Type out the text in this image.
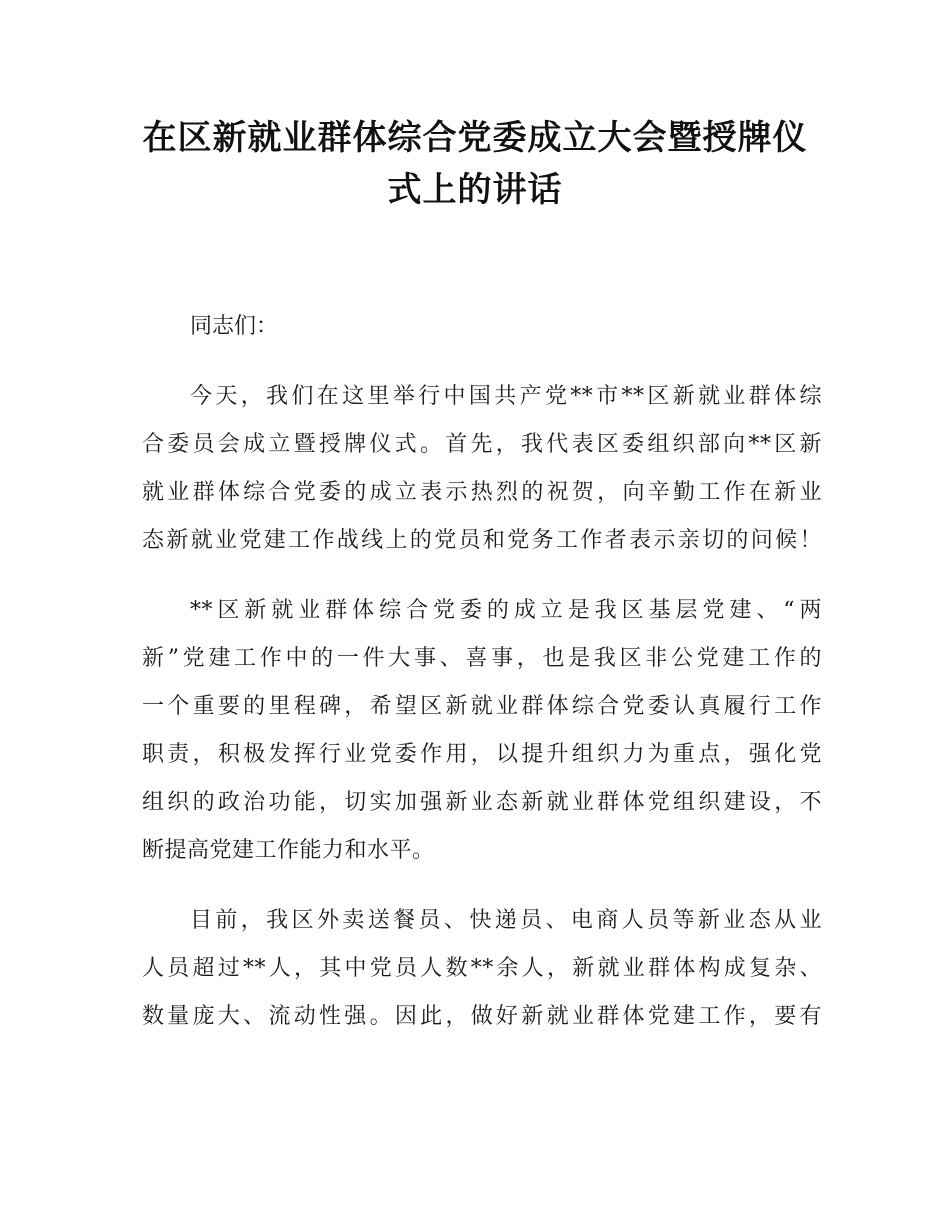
在区新就业群体综合党委成立大会暨授牌仪
式上的讲话
同志们：
今天，我们在这里举行中国共产党**市**区新就业群体综
合委员会成立暨授牌仪式。首先，我代表区委组织部向**区新
就业群体综合党委的成立表示热烈的祝贺，向辛勤工作在新业
态新就业党建工作战线上的党员和党务工作者表示亲切的问候！
**区新就业群体综合党委的成立是我区基层党建、“两
新”党建工作中的一件大事、喜事，也是我区非公党建工作的
一个重要的里程碑，希望区新就业群体综合党委认真履行工作
职责，积极发挥行业党委作用，以提升组织力为重点，强化党
组织的政治功能，切实加强新业态新就业群体党组织建设，不
断提高党建工作能力和水平。
目前，我区外卖送餐员、快递员、电商人员等新业态从业
人员超过**人，其中党员人数**余人，新就业群体构成复杂、
数量庞大、流动性强。因此，做好新就业群体党建工作，要有
